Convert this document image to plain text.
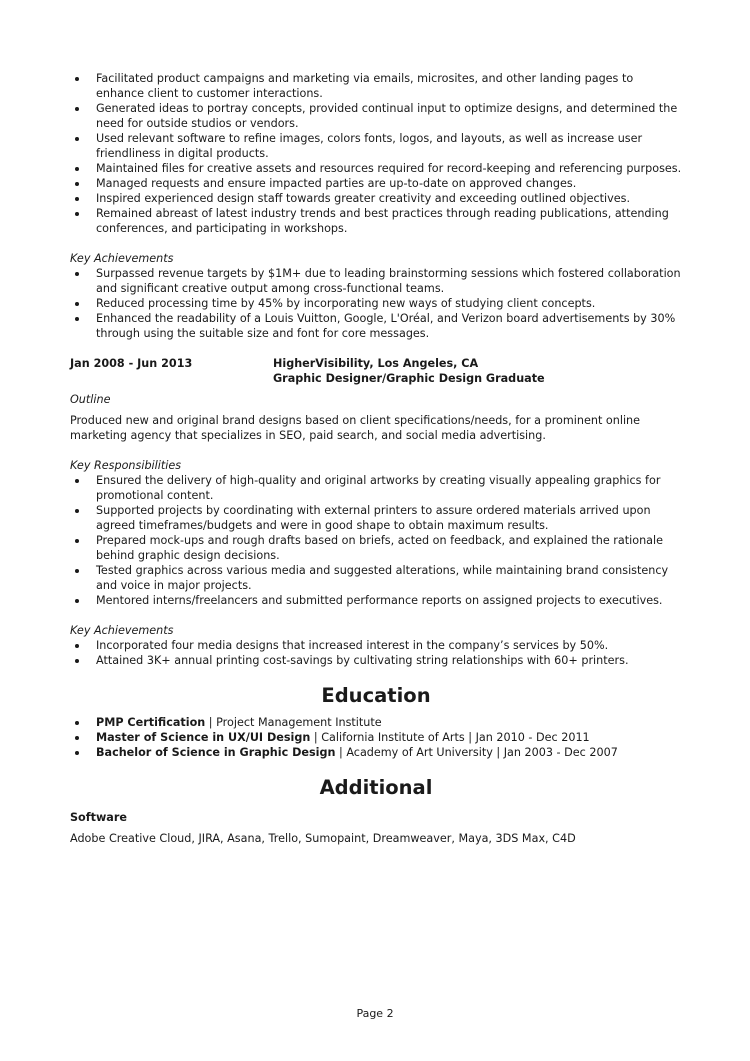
Facilitated product campaigns and marketing via emails, microsites, and other landing pages to enhance client to customer interactions.
Generated ideas to portray concepts, provided continual input to optimize designs, and determined the need for outside studios or vendors.
Used relevant software to refine images, colors fonts, logos, and layouts, as well as increase user friendliness in digital products.
Maintained files for creative assets and resources required for record-keeping and referencing purposes.
Managed requests and ensure impacted parties are up-to-date on approved changes.
Inspired experienced design staff towards greater creativity and exceeding outlined objectives.
Remained abreast of latest industry trends and best practices through reading publications, attending conferences, and participating in workshops.
Key Achievements
Surpassed revenue targets by $1M+ due to leading brainstorming sessions which fostered collaboration and significant creative output among cross-functional teams.
Reduced processing time by 45% by incorporating new ways of studying client concepts.
Enhanced the readability of a Louis Vuitton, Google, L'Oréal, and Verizon board advertisements by 30% through using the suitable size and font for core messages.
Jan 2008 - Jun 2013	HigherVisibility, Los Angeles, CA
Graphic Designer/Graphic Design Graduate
Outline
Produced new and original brand designs based on client specifications/needs, for a prominent online marketing agency that specializes in SEO, paid search, and social media advertising.
Key Responsibilities
Ensured the delivery of high-quality and original artworks by creating visually appealing graphics for promotional content.
Supported projects by coordinating with external printers to assure ordered materials arrived upon agreed timeframes/budgets and were in good shape to obtain maximum results.
Prepared mock-ups and rough drafts based on briefs, acted on feedback, and explained the rationale behind graphic design decisions.
Tested graphics across various media and suggested alterations, while maintaining brand consistency and voice in major projects.
Mentored interns/freelancers and submitted performance reports on assigned projects to executives.
Key Achievements
Incorporated four media designs that increased interest in the company’s services by 50%.
Attained 3K+ annual printing cost-savings by cultivating string relationships with 60+ printers.
Education
PMP Certification | Project Management Institute
Master of Science in UX/UI Design | California Institute of Arts | Jan 2010 - Dec 2011
Bachelor of Science in Graphic Design | Academy of Art University | Jan 2003 - Dec 2007
Additional
Software
Adobe Creative Cloud, JIRA, Asana, Trello, Sumopaint, Dreamweaver, Maya, 3DS Max, C4D
Page 2
